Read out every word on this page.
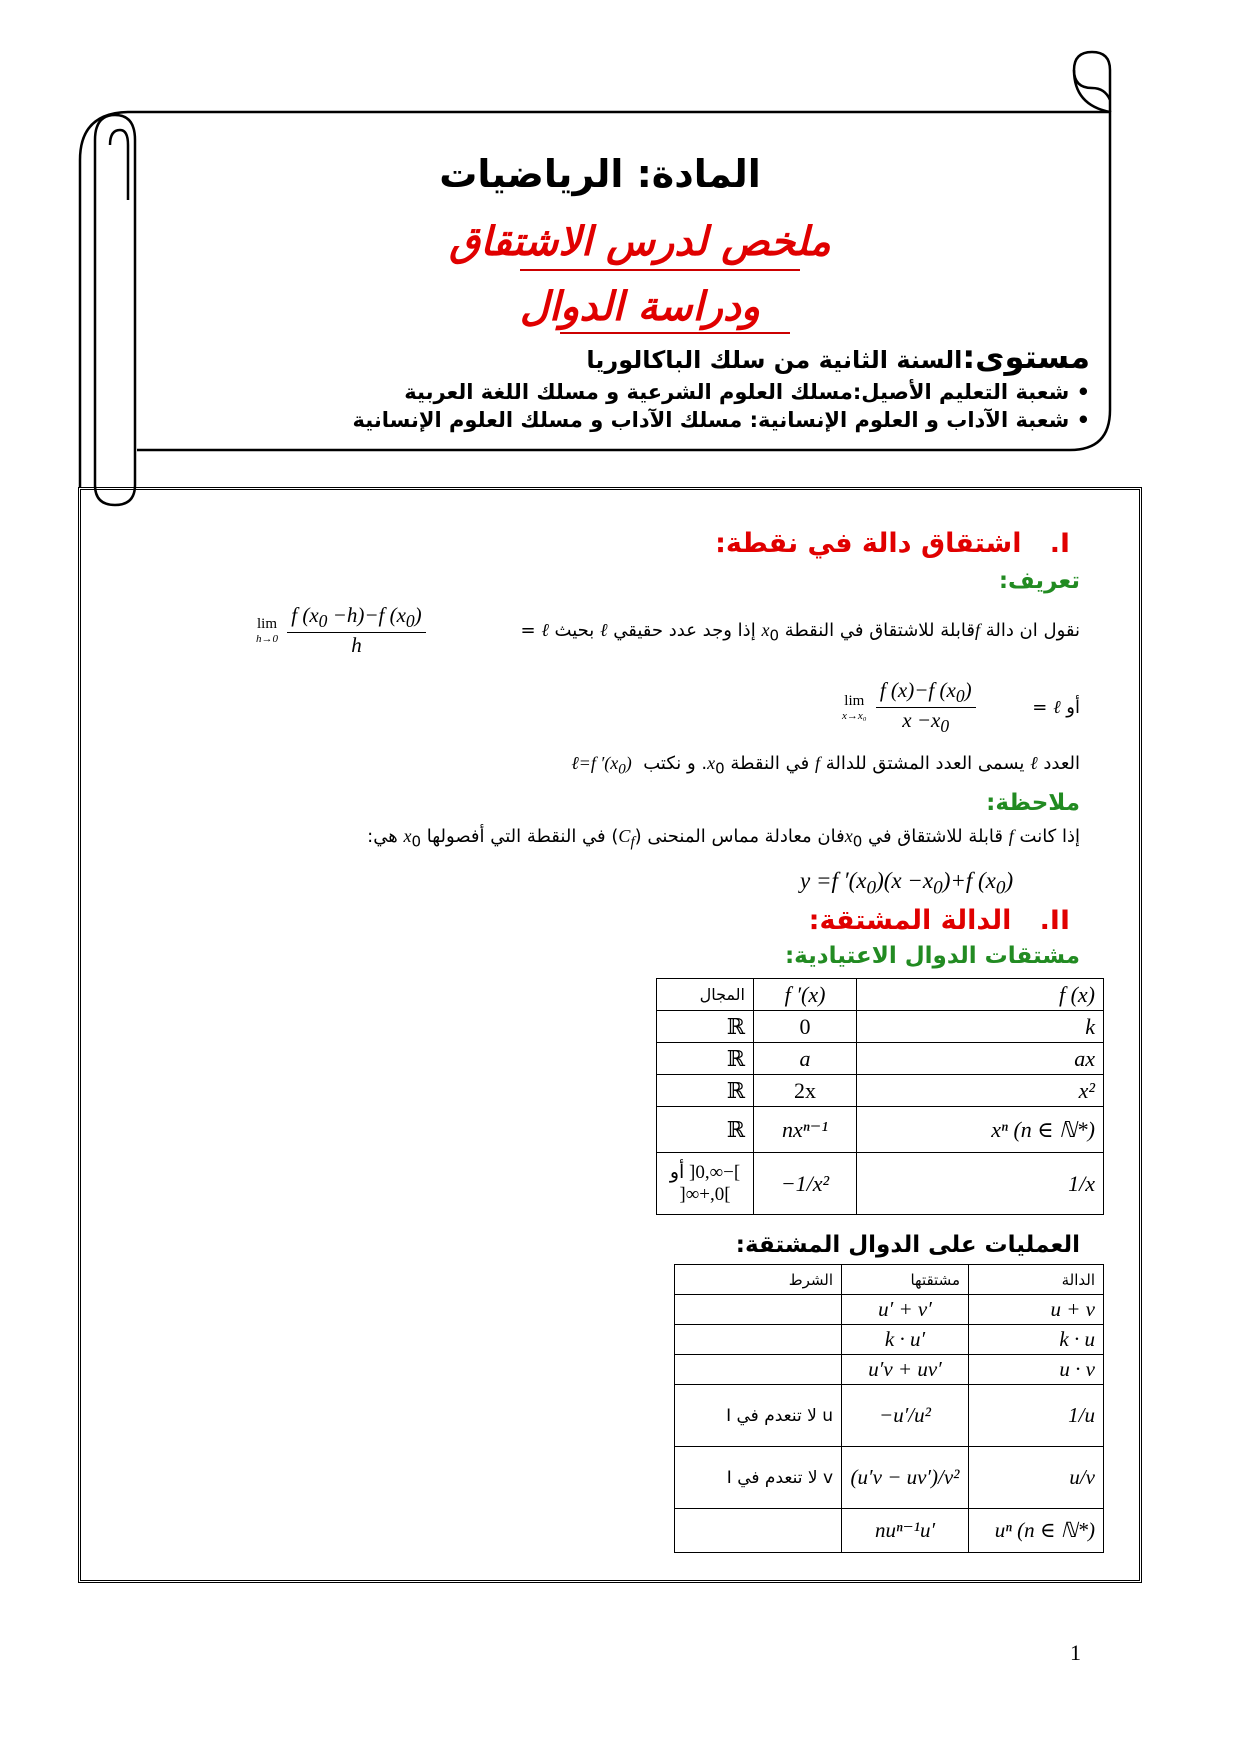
المادة: الرياضيات
ملخص لدرس الاشتقاق
ودراسة الدوال
مستوى:السنة الثانية من سلك الباكالوريا
• شعبة التعليم الأصيل:مسلك العلوم الشرعية و مسلك اللغة العربية
• شعبة الآداب و العلوم الإنسانية: مسلك الآداب و مسلك العلوم الإنسانية
I.   اشتقاق دالة في نقطة:
تعريف:
نقول ان دالة fقابلة للاشتقاق في النقطة $x_0$ إذا وجد عدد حقيقي ℓ بحيث ℓ =
lim
h→0
$\frac{f (x_0 -h)-f (x_0)}{h}$
أو ℓ =
lim
x→x₀
$\frac{f (x)-f (x_0)}{x -x_0}$
العدد ℓ يسمى العدد المشتق للدالة f في النقطة $x_0$. و نكتب  ℓ=f $'(x_0)$
ملاحظة:
إذا كانت f قابلة للاشتقاق في $x_0فان$ معادلة مماس المنحنى $(C_f)$ في النقطة التي أفصولها $x_0$ هي:
y =f $'(x_0)(x -x_0)+f$ $(x_0)$
II.   الدالة المشتقة:
مشتقات الدوال الاعتيادية:
المجال	f ′(x)	f (x)
ℝ	0	k
ℝ	a	ax
ℝ	2x	x²
ℝ	nxⁿ⁻¹	xⁿ (n ∈ ℕ*)
]−∞,0[ أو ]0,+∞[	−1/x²	1/x
العمليات على الدوال المشتقة:
الشرط	مشتقتها	الدالة
	u′ + v′	u + v
	k · u′	k · u
	u′v + uv′	u · v
u لا تنعدم في I	−u′/u²	1/u
v لا تنعدم في I	(u′v − uv′)/v²	u/v
	nuⁿ⁻¹u′	uⁿ (n ∈ ℕ*)
1
